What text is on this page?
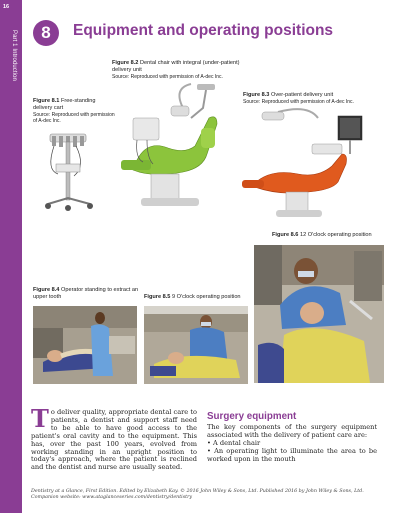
16
Part 1 Introduction	8	Equipment and operating positions
Figure 8.2 Dental chair with integral (under-patient) delivery unit
Source: Reproduced with permission of A-dec Inc.
Figure 8.3 Over-patient delivery unit
Source: Reproduced with permission of A-dec Inc.
Figure 8.1 Free-standing delivery cart
Source: Reproduced with permission of A-dec Inc.
Figure 8.6 12 O'clock operating position
Figure 8.4 Operator standing to extract an upper tooth	Figure 8.5 9 O'clock operating position
To deliver quality, appropriate dental care to patients, a dentist and support staff need to be able to have good access to the patient's oral cavity and to the equipment. This has, over the past 100 years, evolved from working standing in an upright position to today's approach, where the patient is reclined and the dentist and nurse are usually seated.
Surgery equipment
The key components of the surgery equipment associated with the delivery of patient care are:
• A dental chair
• An operating light to illuminate the area to be worked upon in the mouth
Dentistry at a Glance, First Edition. Edited by Elizabeth Kay. © 2016 John Wiley & Sons, Ltd. Published 2016 by John Wiley & Sons, Ltd.
Companion website: www.ataglanceseries.com/dentistry/dentistry
